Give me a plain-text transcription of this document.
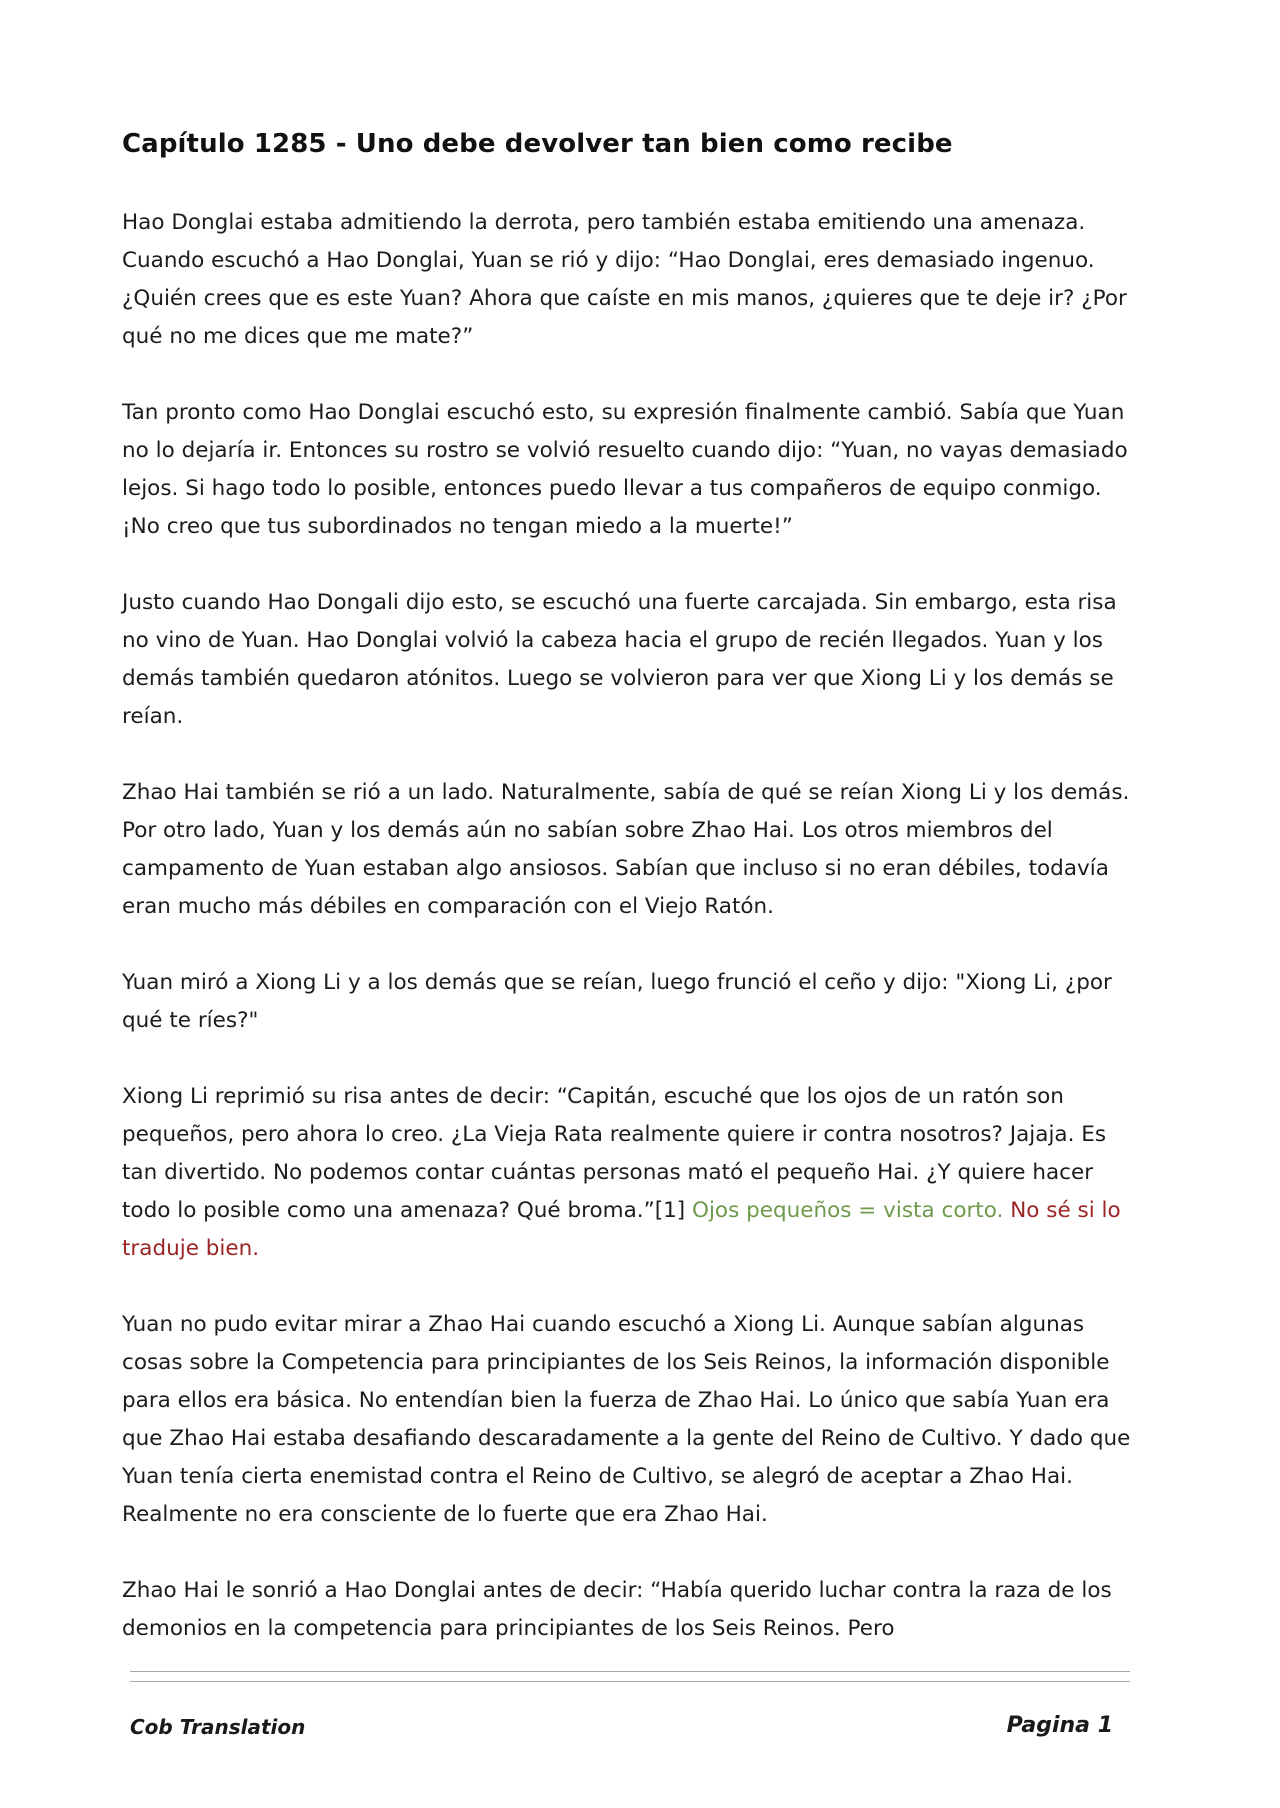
Capítulo 1285 - Uno debe devolver tan bien como recibe

Hao Donglai estaba admitiendo la derrota, pero también estaba emitiendo una amenaza. Cuando escuchó a Hao Donglai, Yuan se rió y dijo: “Hao Donglai, eres demasiado ingenuo. ¿Quién crees que es este Yuan? Ahora que caíste en mis manos, ¿quieres que te deje ir? ¿Por qué no me dices que me mate?”

Tan pronto como Hao Donglai escuchó esto, su expresión finalmente cambió. Sabía que Yuan no lo dejaría ir. Entonces su rostro se volvió resuelto cuando dijo: “Yuan, no vayas demasiado lejos. Si hago todo lo posible, entonces puedo llevar a tus compañeros de equipo conmigo. ¡No creo que tus subordinados no tengan miedo a la muerte!”

Justo cuando Hao Dongali dijo esto, se escuchó una fuerte carcajada. Sin embargo, esta risa no vino de Yuan. Hao Donglai volvió la cabeza hacia el grupo de recién llegados. Yuan y los demás también quedaron atónitos. Luego se volvieron para ver que Xiong Li y los demás se reían.

Zhao Hai también se rió a un lado. Naturalmente, sabía de qué se reían Xiong Li y los demás. Por otro lado, Yuan y los demás aún no sabían sobre Zhao Hai. Los otros miembros del campamento de Yuan estaban algo ansiosos. Sabían que incluso si no eran débiles, todavía eran mucho más débiles en comparación con el Viejo Ratón.

Yuan miró a Xiong Li y a los demás que se reían, luego frunció el ceño y dijo: "Xiong Li, ¿por qué te ríes?"

Xiong Li reprimió su risa antes de decir: “Capitán, escuché que los ojos de un ratón son pequeños, pero ahora lo creo. ¿La Vieja Rata realmente quiere ir contra nosotros? Jajaja. Es tan divertido. No podemos contar cuántas personas mató el pequeño Hai. ¿Y quiere hacer todo lo posible como una amenaza? Qué broma.”[1] Ojos pequeños = vista corto. No sé si lo traduje bien.

Yuan no pudo evitar mirar a Zhao Hai cuando escuchó a Xiong Li. Aunque sabían algunas cosas sobre la Competencia para principiantes de los Seis Reinos, la información disponible para ellos era básica. No entendían bien la fuerza de Zhao Hai. Lo único que sabía Yuan era que Zhao Hai estaba desafiando descaradamente a la gente del Reino de Cultivo. Y dado que Yuan tenía cierta enemistad contra el Reino de Cultivo, se alegró de aceptar a Zhao Hai. Realmente no era consciente de lo fuerte que era Zhao Hai.

Zhao Hai le sonrió a Hao Donglai antes de decir: “Había querido luchar contra la raza de los demonios en la competencia para principiantes de los Seis Reinos. Pero

Cob Translation	Pagina 1
